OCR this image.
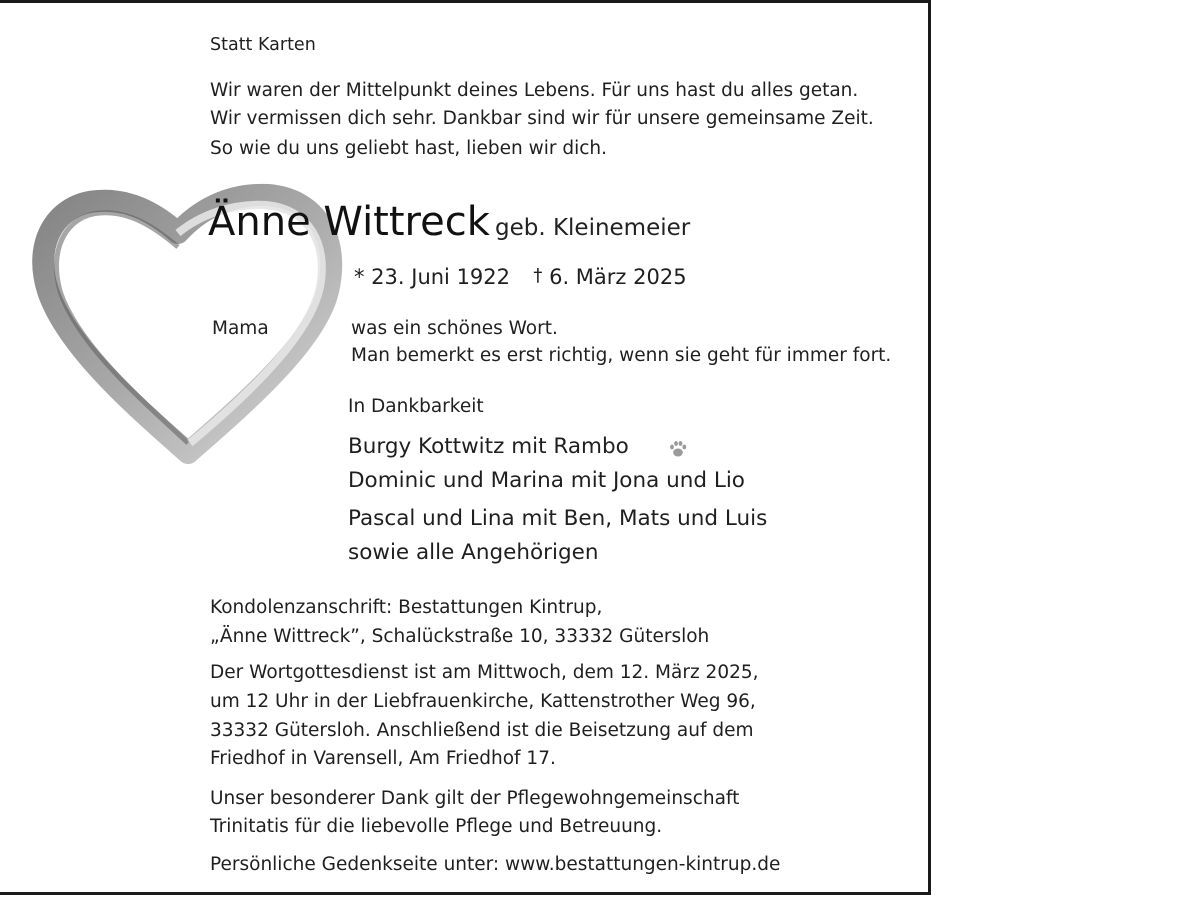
Statt Karten
Wir waren der Mittelpunkt deines Lebens. Für uns hast du alles getan.
Wir vermissen dich sehr. Dankbar sind wir für unsere gemeinsame Zeit.
So wie du uns geliebt hast, lieben wir dich.
Änne Wittreck geb. Kleinemeier
* 23. Juni 1922 † 6. März 2025
Mama	was ein schönes Wort.
Man bemerkt es erst richtig, wenn sie geht für immer fort.
In Dankbarkeit
Burgy Kottwitz mit Rambo
Dominic und Marina mit Jona und Lio
Pascal und Lina mit Ben, Mats und Luis
sowie alle Angehörigen
Kondolenzanschrift: Bestattungen Kintrup,
„Änne Wittreck”, Schalückstraße 10, 33332 Gütersloh
Der Wortgottesdienst ist am Mittwoch, dem 12. März 2025,
um 12 Uhr in der Liebfrauenkirche, Kattenstrother Weg 96,
33332 Gütersloh. Anschließend ist die Beisetzung auf dem
Friedhof in Varensell, Am Friedhof 17.
Unser besonderer Dank gilt der Pflegewohngemeinschaft
Trinitatis für die liebevolle Pflege und Betreuung.
Persönliche Gedenkseite unter: www.bestattungen-kintrup.de
